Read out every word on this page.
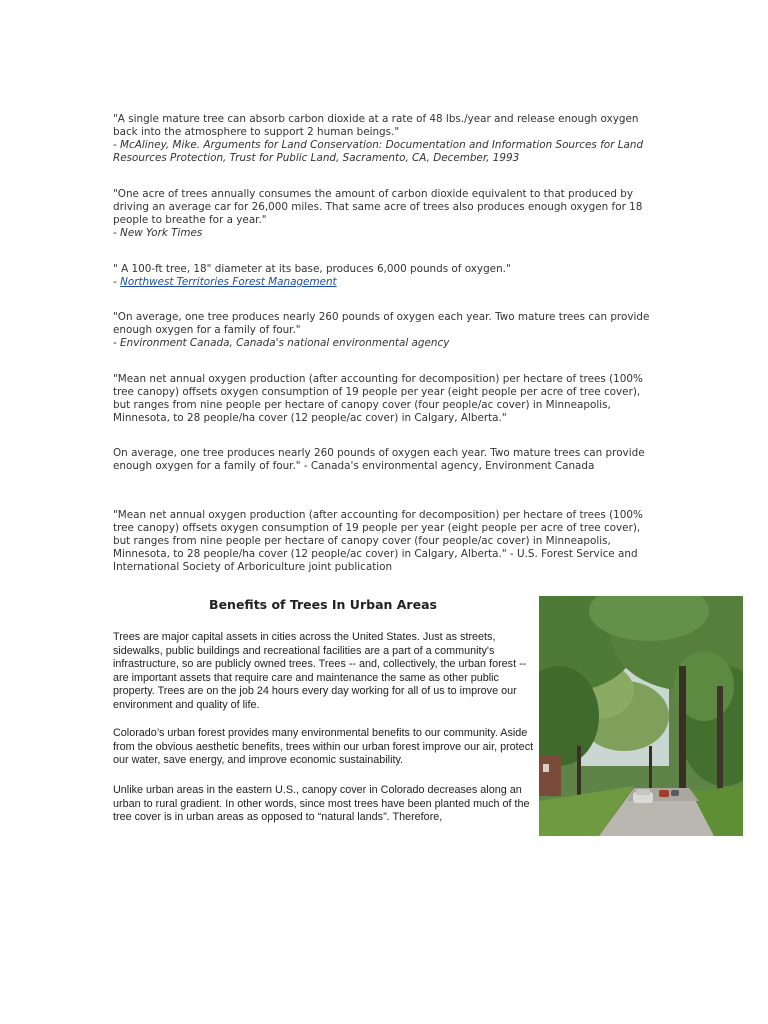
"A single mature tree can absorb carbon dioxide at a rate of 48 lbs./year and release enough oxygen back into the atmosphere to support 2 human beings."
- McAliney, Mike. Arguments for Land Conservation: Documentation and Information Sources for Land Resources Protection, Trust for Public Land, Sacramento, CA, December, 1993
"One acre of trees annually consumes the amount of carbon dioxide equivalent to that produced by driving an average car for 26,000 miles. That same acre of trees also produces enough oxygen for 18 people to breathe for a year."
- New York Times
" A 100-ft tree, 18" diameter at its base, produces 6,000 pounds of oxygen."
- Northwest Territories Forest Management
"On average, one tree produces nearly 260 pounds of oxygen each year. Two mature trees can provide enough oxygen for a family of four."
- Environment Canada, Canada's national environmental agency
"Mean net annual oxygen production (after accounting for decomposition) per hectare of trees (100% tree canopy) offsets oxygen consumption of 19 people per year (eight people per acre of tree cover), but ranges from nine people per hectare of canopy cover (four people/ac cover) in Minneapolis, Minnesota, to 28 people/ha cover (12 people/ac cover) in Calgary, Alberta."
On average, one tree produces nearly 260 pounds of oxygen each year. Two mature trees can provide enough oxygen for a family of four." - Canada's environmental agency, Environment Canada
"Mean net annual oxygen production (after accounting for decomposition) per hectare of trees (100% tree canopy) offsets oxygen consumption of 19 people per year (eight people per acre of tree cover), but ranges from nine people per hectare of canopy cover (four people/ac cover) in Minneapolis, Minnesota, to 28 people/ha cover (12 people/ac cover) in Calgary, Alberta." - U.S. Forest Service and International Society of Arboriculture joint publication
Benefits of Trees In Urban Areas

Trees are major capital assets in cities across the United States. Just as streets, sidewalks, public buildings and recreational facilities are a part of a community's infrastructure, so are publicly owned trees. Trees -- and, collectively, the urban forest -- are important assets that require care and maintenance the same as other public property. Trees are on the job 24 hours every day working for all of us to improve our environment and quality of life.

Colorado’s urban forest provides many environmental benefits to our community. Aside from the obvious aesthetic benefits, trees within our urban forest improve our air, protect our water, save energy, and improve economic sustainability.

Unlike urban areas in the eastern U.S., canopy cover in Colorado decreases along an urban to rural gradient. In other words, since most trees have been planted much of the tree cover is in urban areas as opposed to “natural lands”. Therefore,
